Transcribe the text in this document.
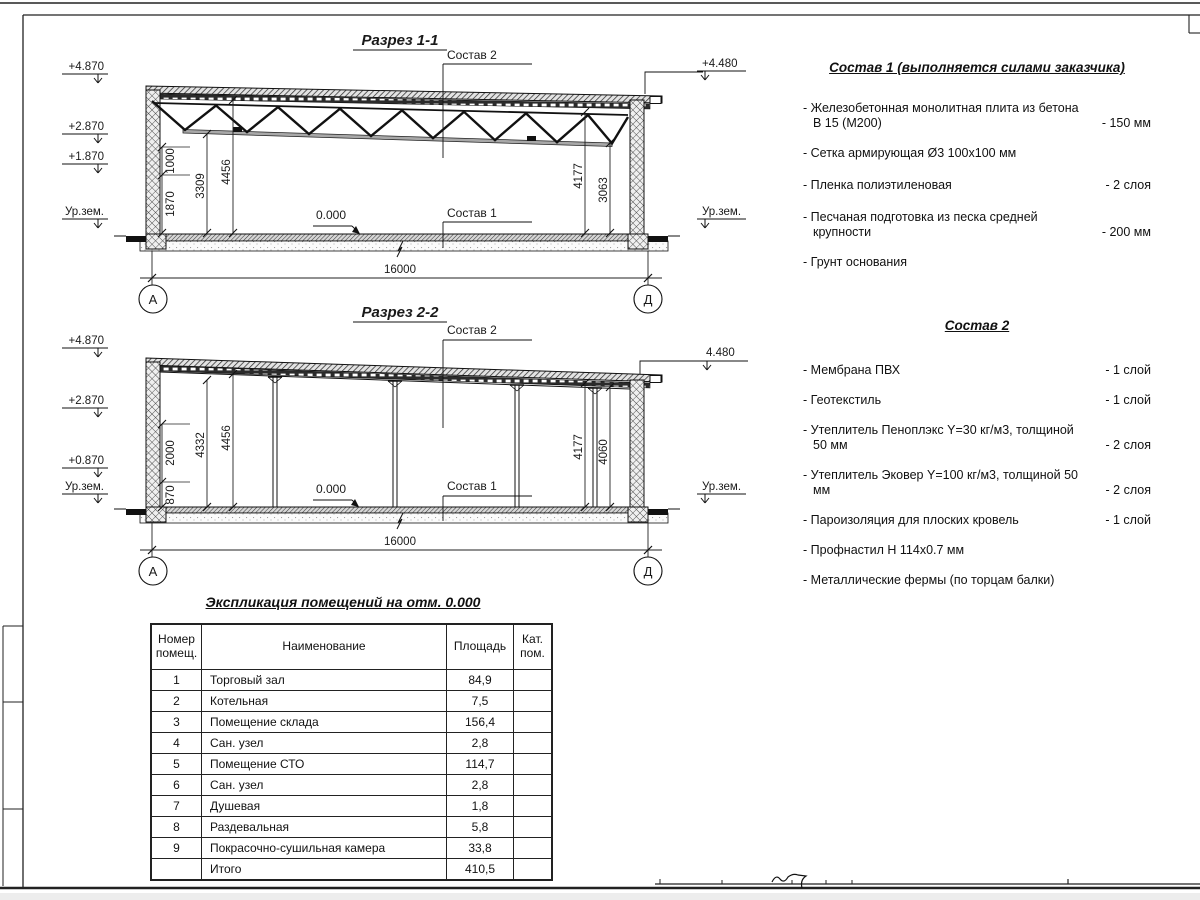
Разрез 1-1
Состав 2
Состав 1
0.000
+4.870
+2.870
+1.870
Ур.зем.
+4.480
Ур.зем.
1000
1870
3309
4456	4177
3063
16000
А	Д
Разрез 2-2
Состав 2
Состав 1
0.000
+4.870
+2.870
+0.870
Ур.зем.
4.480
Ур.зем.
870
2000 4332 4456	4177 4060
16000
А	Д
Состав 1 (выполняется силами заказчика)
- Железобетонная монолитная плита из бетона В 15 (М200)	- 150 мм
- Сетка армирующая Ø3 100х100 мм
- Пленка полиэтиленовая	- 2 слоя
- Песчаная подготовка из песка средней крупности	- 200 мм
- Грунт основания
Состав 2
- Мембрана ПВХ	- 1 слой
- Геотекстиль	- 1 слой
- Утеплитель Пеноплэкс Y=30 кг/м3, толщиной 50 мм	- 2 слоя
- Утеплитель Эковер Y=100 кг/м3, толщиной 50 мм	- 2 слоя
- Пароизоляция для плоских кровель	- 1 слой
- Профнастил Н 114х0.7 мм
- Металлические фермы (по торцам балки)
Экспликация помещений на отм. 0.000
Номер помещ.	Наименование	Площадь	Кат. пом.
1	Торговый зал	84,9	
2	Котельная	7,5	
3	Помещение склада	156,4	
4	Сан. узел	2,8	
5	Помещение СТО	114,7	
6	Сан. узел	2,8	
7	Душевая	1,8	
8	Раздевальная	5,8	
9	Покрасочно-сушильная камера	33,8	
	Итого	410,5	
